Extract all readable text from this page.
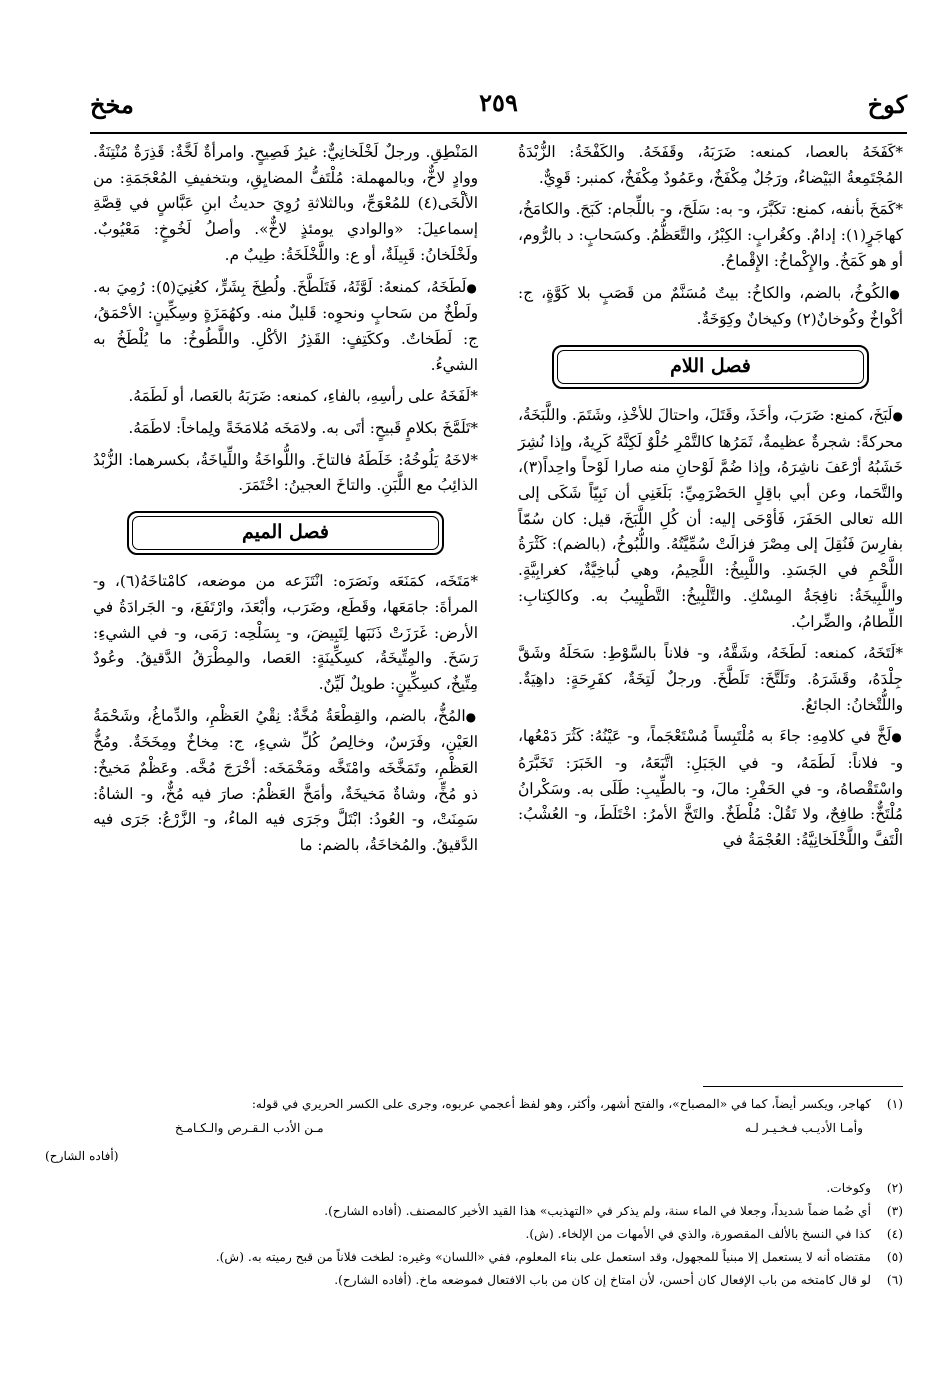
كوخ
٢٥٩
مخخ

* كَفَخَهُ بالعصا، كمنعه: ضَرَبَهُ، وقَفَخَهُ. والكَفْخَةُ: الزُّبْدَةُ المُجْتَمِعةُ البَيْضاءُ، ورَجُلٌ مِكْفَخٌ، وعَمُودٌ مِكْفَخٌ، كمنبر: قَوِيٌّ.

* كَمَخَ بأنفه، كمنع: تكَبَّرَ، و- به: سَلَحَ، و- باللِّجام: كَبَحَ. والكامَخُ، كهاجَرٍ(١): إدامٌ. وكغُرابٍ: الكِبْرُ، والتَّعَظُّمُ. وكسَحابٍ: د بالرُّوم، أو هو كَمَخُ. والإِكْماخُ: الإِقْماحُ.

● الكُوخُ، بالضم، والكاخُ: بيتٌ مُسَنَّمٌ من قَصَبٍ بلا كَوَّةٍ، ج: أكْواخٌ وكُوخانٌ(٢) وكيخانٌ وكِوَخَةٌ.

فصل اللام

● لَبَخَ، كمنع: ضَرَبَ، وأخَذَ، وقَتَلَ، واحتالَ للأخْذِ، وشَتَمَ. واللَّبَخَةُ، محركةً: شجرةٌ عظيمةٌ، ثَمَرُها كالتَّمْرِ حُلْوٌ لَكِنَّهُ كَرِيهٌ، وإذا نُشِرَ خَشَبُهُ أرْعَفَ ناشِرَهُ، وإذا ضُمَّ لَوْحانِ منه صارا لَوْحاً واحِداً(٣)، والتَّحَما، وعن أبي باقِلٍ الحَضْرَمِيِّ: بَلَغَنِي أن نَبِيّاً شَكَى إلى الله تعالى الحَفَرَ، فَأوْحَى إليه: أن كُلِ اللَّبَخَ، قيل: كان سُمّاً بفارِسَ فَنُقِلَ إلى مِصْرَ فزالَتْ سُمِّيَّتُهُ. واللُّبُوخُ، (بالضم): كَثْرَةُ اللَّحْمِ في الجَسَدِ. واللَّبِيخُ: اللَّحِيمُ، وهي لُباخِيَّةٌ، كغرابِيَّةٍ. واللَّبِيخَةُ: نافِجَةُ المِسْكِ. والتَّلْبِيخُ: التَّطْيِيبُ به. وكالكِتابِ: اللِّطامُ، والضِّرابُ.

* لَتَخَهُ، كمنعه: لَطَخَهُ، وشَقَّهُ، و- فلاناً بالسَّوْطِ: سَحَلَهُ وشَقَّ جِلْدَهُ، وقَشَرَهُ. وتَلَتَّخَ: تَلَطَّخَ. ورجلٌ لَتِخَةٌ، كفَرِحَةٍ: داهِيَةٌ. واللُّتْخانُ: الجائعُ.

● لَخَّ في كلامِهِ: جاءَ به مُلْتَبِساً مُسْتَعْجَماً، و- عَيْنُهُ: كَثُرَ دَمْعُها، و- فلاناً: لَطَمَهُ، و- في الجَبَلِ: اتَّبَعَهُ، و- الخَبَرَ: تَخَبَّرَهُ واسْتَقْصاهُ، و- في الحَفْرِ: مالَ، و- بالطِّيبِ: طَلَى به. وسَكْرانُ مُلْتَخٌّ: طافِحٌ، ولا تَقُلْ: مُلْطَخٌ. والتَخَّ الأمرُ: اخْتَلَطَ، و- العُشْبُ: الْتَفَّ واللَّخْلَخانِيَّةُ: العُجْمَةُ في

المَنْطِقِ. ورجلٌ لَخْلَخانِيٌّ: غيرُ فَصِيحٍ. وامرأةٌ لَخَّةٌ: قَذِرَةٌ مُنْتِنَةٌ. ووادٍ لاخٌّ، وبالمهملة: مُلْتَفُّ المضايِقِ، وبتخفيفِ المُعْجَمَةِ: من الألْخَى(٤) للمُعْوَجِّ، وبالثلاثةِ رُوِيَ حديثُ ابنِ عَبَّاسٍ في قِصَّةِ إسماعيلَ: «والوادي يومئذٍ لاخٌّ». وأصلُ لَخُوخٍ: مَعْيُوبٌ. ولَخْلَخانُ: قَبِيلَةٌ، أو ع: واللَّخْلَخَةُ: طِيبٌ م.

● لَطَخَهُ، كمنعهُ: لَوَّثَهُ، فَتَلَطَّخَ. ولُطِخَ بِشَرٍّ، كعُنِيَ(٥): رُمِيَ به. ولَطْخٌ من سَحابٍ ونحوِه: قَليلٌ منه. وكهُمَزَةٍ وسِكِّينٍ: الأحْمَقُ، ج: لَطَخاتٌ. وككَتِفٍ: القَذِرُ الأكْلِ. واللَّطُوخُ: ما يُلْطَخُ به الشيءُ.

* لَفَخَهُ على رأسِهِ، بالفاءِ، كمنعه: ضَرَبَهُ بالعَصا، أو لَطَمَهُ.

* تَلَمَّخَ بكلامٍ قَبيحٍ: أتَى به. ولامَخَه مُلامَخَةً ولِماخاً: لاطَمَهُ.

* لاخَهُ يَلُوخُهُ: خَلَطَهُ فالتاخَ. واللُّواخَةُ واللِّياخَةُ، بكسرهما: الزُّبْدُ الذائِبُ مع اللَّبَنِ. والتاخَ العجينُ: اخْتَمَرَ.

فصل الميم

* مَتَخَه، كمَنَعَه ونَصَرَه: انْتَزَعه من موضعه، كامْتاخَهُ(٦)، و- المرأةَ: جامَعَها، وقَطَع، وضَرَب، وأبْعَدَ، وارْتَفَعَ، و- الجَرادَةُ في الأرض: غَرَزَتْ ذَنَبَها لِتَبِيضَ، و- بِسَلْحِه: رَمَى، و- في الشيءِ: رَسَخَ. والمِتِّيخَةُ، كسِكِّينَةٍ: العَصا، والمِطْرَقُ الدَّقيقُ. وعُودٌ مِتِّيخٌ، كسِكِّينٍ: طويلٌ لَيِّنٌ.

● المُخُّ، بالضم، والقِطْعَةُ مُخَّةٌ: نِقْيُ العَظْمِ، والدِّماغُ، وشَحْمَةُ العَيْنِ، وفَرَسٌ، وخالِصُ كُلِّ شيءٍ، ج: مِخاخٌ ومِخَخَةٌ. ومُخُّ العَظْمِ، وتَمَخَّخَه وامْتَخَّه ومَخْمَخَه: أخْرَجَ مُخَّه. وعَظْمٌ مَخيخٌ: ذو مُخٍّ، وشاةٌ مَخيخَةٌ، وأمَخَّ العَظْمُ: صارَ فيه مُخٌّ، و- الشاةُ: سَمِنَتْ، و- العُودُ: ابْتَلَّ وجَرَى فيه الماءُ، و- الزَّرْعُ: جَرَى فيه الدَّقيقُ. والمُخاخَةُ، بالضم: ما

(١)
كهاجر، ويكسر أيضاً، كما في «المصباح»، والفتح أشهر، وأكثر، وهو لفظ أعجمي عربوه، وجرى على الكسر الحريري في قوله:
وأمـا الأديـب فـخـيـر لـه
مـن الأدب الـقـرص والـكـامـخ
(أفاده الشارح)
(٢)
وكوخات.
(٣)
أي ضُما ضماً شديداً، وجعلا في الماء سنة، ولم يذكر في «التهذيب» هذا القيد الأخير كالمصنف. (أفاده الشارح).
(٤)
كذا في النسخ بالألف المقصورة، والذي في الأمهات من الإلخاء. (ش).
(٥)
مقتضاه أنه لا يستعمل إلا مبنياً للمجهول، وقد استعمل على بناء المعلوم، ففي «اللسان» وغيره: لطخت فلاناً من قبح رميته به. (ش).
(٦)
لو قال كامتخه من باب الإفعال كان أحسن، لأن امتاخ إن كان من باب الافتعال فموضعه ماخ. (أفاده الشارح).
